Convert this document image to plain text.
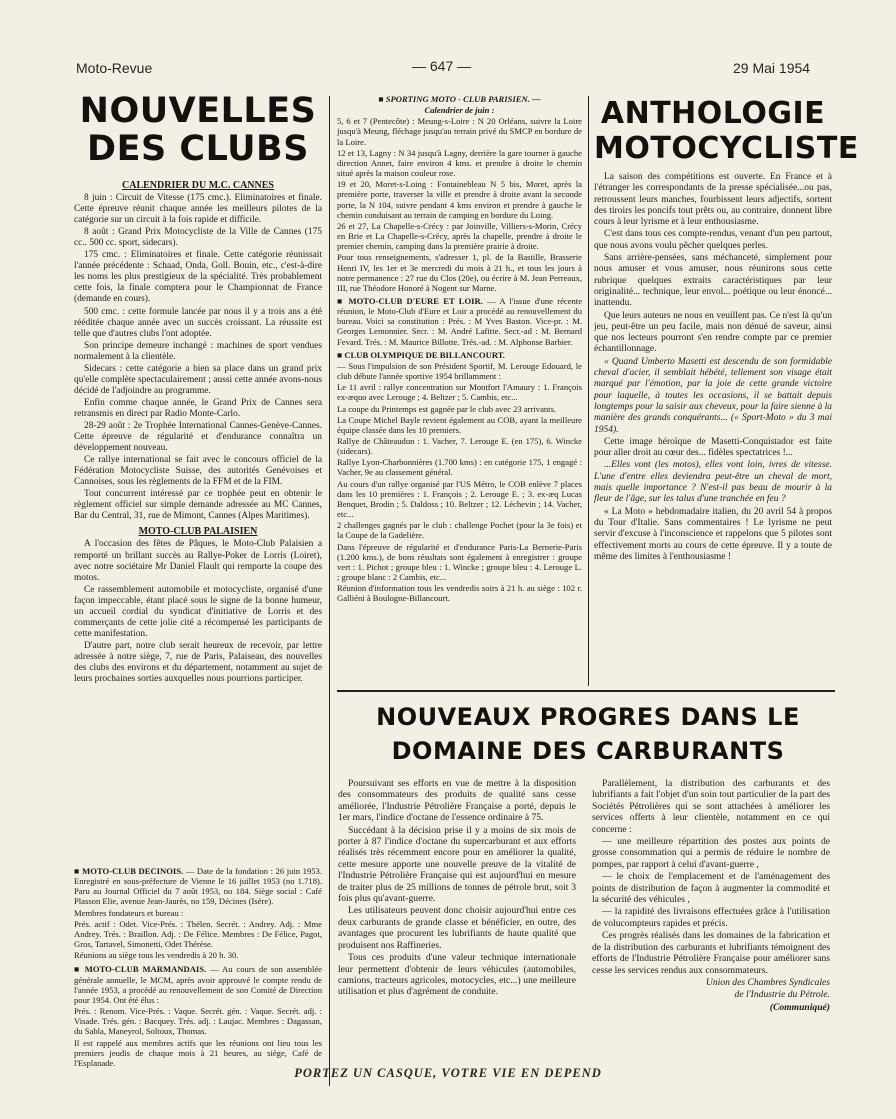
Moto-Revue	— 647 —	29 Mai 1954
NOUVELLES
DES CLUBS
CALENDRIER DU M.C. CANNES

8 juin : Circuit de Vitesse (175 cmc.). Eliminatoires et finale. Cette épreuve réunit chaque année les meilleurs pilotes de la catégorie sur un circuit à la fois rapide et difficile.

8 août : Grand Prix Motocycliste de la Ville de Cannes (175 cc.. 500 cc. sport, sidecars).

175 cmc. : Eliminatoires et finale. Cette catégorie réunissait l'année précédente : Schaad, Onda, Goll. Bouin, etc., c'est-à-dire les noms les plus prestigieux de la spécialité. Très probablement cette fois, la finale comptera pour le Championnat de France (demande en cours).

500 cmc. : cette formule lancée par nous il y a trois ans a été rééditée chaque année avec un succès croissant. La réussite est telle que d'autres clubs l'ont adoptée.

Son principe demeure inchangé : machines de sport vendues normalement à la clientèle.

Sidecars : cette catégorie a bien sa place dans un grand prix qu'elle complète spectaculairement ; aussi cette année avons-nous décidé de l'adjoindre au programme.

Enfin comme chaque année, le Grand Prix de Cannes sera retransmis en direct par Radio Monte-Carlo.

28-29 août : 2e Trophée International Cannes-Genève-Cannes. Cette épreuve de régularité et d'endurance connaîtra un développement nouveau.

Ce rallye international se fait avec le concours officiel de la Fédération Motocycliste Suisse, des autorités Genévoises et Cannoises, sous les règlements de la FFM et de la FIM.

Tout concurrent intéressé par ce trophée peut en obtenir le règlement officiel sur simple demande adressée au MC Cannes, Bar du Central, 31, rue de Mimont, Cannes (Alpes Maritimes).

MOTO-CLUB PALAISIEN

A l'occasion des fêtes de Pâques, le Moto-Club Palaisien a remporté un brillant succès au Rallye-Poker de Lorris (Loiret), avec notre sociétaire Mr Daniel Flault qui remporte la coupe des motos.

Ce rassemblement automobile et motocycliste, organisé d'une façon impeccable, étant placé sous le signe de la bonne humeur, un accueil cordial du syndicat d'initiative de Lorris et des commerçants de cette jolie cité a récompensé les participants de cette manifestation.

D'autre part, notre club serait heureux de recevoir, par lettre adressée à notre siège, 7, rue de Paris, Palaiseau, des nouvelles des clubs des environs et du département, notamment au sujet de leurs prochaines sorties auxquelles nous pourrions participer.

■ MOTO-CLUB DECINOIS. — Date de la fondation : 26 juin 1953. Enregistré en sous-préfecture de Vienne le 16 juillet 1953 (no 1.718). Paru au Journal Officiel du 7 août 1953, no 184. Siège social : Café Plasson Elie, avenue Jean-Jaurès, no 159, Décines (Isère).

Membres fondateurs et bureau :

Prés. actif : Odet. Vice-Prés. : Thélen. Secrét. : Andrey. Adj. : Mme Andrey. Trés. : Braillon. Adj. : De Félice. Membres : De Félice, Pagot, Gros, Tartavel, Simonetti, Odet Thérèse.

Réunions au siège tous les vendredis à 20 h. 30.

■ MOTO-CLUB MARMANDAIS. — Au cours de son assemblée générale annuelle, le MCM, après avoir approuvé le compte rendu de l'année 1953, a procédé au renouvellement de son Comité de Direction pour 1954. Ont été élus :

Prés. : Renom. Vice-Prés. : Vaque. Secrét. gén. : Vaque. Secrét. adj. : Visade. Trés. gén. : Bacquey. Trés. adj. : Laujac. Membres : Dagassan, du Sabla, Maneyrol, Soltoux, Thomas.

Il est rappelé aux membres actifs que les réunions ont lieu tous les premiers jeudis de chaque mois à 21 heures, au siège, Café de l'Esplanade.

■ SPORTING MOTO - CLUB PARISIEN. —

Calendrier de juin :

5, 6 et 7 (Pentecôte) : Meung-s-Loire : N 20 Orléans, suivre la Loire jusqu'à Meung, fléchage jusqu'au terrain privé du SMCP en bordure de la Loire.

12 et 13, Lagny : N 34 jusqu'à Lagny, derrière la gare tourner à gauche direction Annet, faire environ 4 kms. et prendre à droite le chemin situé après la maison couleur rose.

19 et 20, Moret-s-Loing : Fontainebleau N 5 bis, Moret, après la première porte, traverser la ville et prendre à droite avant la seconde porte, la N 104, suivre pendant 4 kms environ et prendre à gauche le chemin conduisant au terrain de camping en bordure du Loing.

26 et 27, La Chapelle-s-Crécy : par Joinville, Villiers-s-Morin, Crécy en Brie et La Chapelle-s-Crécy, après la chapelle, prendre à droite le premier chemin, camping dans la première prairie à droite.

Pour tous renseignements, s'adresser 1, pl. de la Bastille, Brasserie Henri IV, les 1er et 3e mercredi du mois à 21 h., et tous les jours à notre permanence : 27 rue du Clos (20e), ou écrire à M. Jean Perreaux, III, rue Théodore Honoré à Nogent sur Marne.

■ MOTO-CLUB D'EURE ET LOIR. — A l'issue d'une récente réunion, le Moto-Club d'Eure et Loir a procédé au renouvellement du bureau. Voici sa constitution : Prés. : M Yves Baston. Vice-pr. : M. Georges Lemonnier. Secr. : M. André Lafitte. Secr.-ad : M. Bernard Fevard. Trés. : M. Maurice Billotte. Trés.-ad. : M. Alphonse Barbier.

■ CLUB OLYMPIQUE DE BILLANCOURT.

— Sous l'impulsion de son Président Sportif, M. Lerouge Edouard, le club débute l'année sportive 1954 brillamment :

Le 11 avril : rallye concentration sur Montfort l'Amaury : 1. François ex-æquo avec Lerouge ; 4. Beltzer ; 5. Cambis, etc...

La coupe du Printemps est gagnée par le club avec 23 arrivants.

La Coupe Michel Bayle revient également au COB, ayant la meilleure équipe classée dans les 10 premiers.

Rallye de Châteaudun : 1. Vacher, 7. Lerouge E. (en 175), 6. Wincke (sidecars).

Rallye Lyon-Charbonnières (1.700 kms) : en catégorie 175, 1 engagé : Vacher, 9e au classement général.

Au cours d'un rallye organisé par l'US Métro, le COB enlève 7 places dans les 10 premières : 1. François ; 2. Lerouge E. ; 3. ex-æq Lucas Benquet, Brodin ; 5. Daldoss ; 10. Beltzer ; 12. Léchevin ; 14. Vacher, etc...

2 challenges gagnés par le club : challenge Pochet (pour la 3e fois) et la Coupe de la Gadelière.

Dans l'épreuve de régularité et d'endurance Paris-La Bernerie-Paris (1.200 kms.), de bons résultats sont également à enregistrer : groupe vert : 1. Pichot ; groupe bleu : 1. Wincke ; groupe bleu : 4. Lerouge L. ; groupe blanc : 2 Cambis, etc...

Réunion d'information tous les vendredis soirs à 21 h. au siège : 102 r. Galliéni à Boulogne-Billancourt.

ANTHOLOGIE
MOTOCYCLISTE

La saison des compétitions est ouverte. En France et à l'étranger les correspondants de la presse spécialisée...ou pas, retroussent leurs manches, fourbissent leurs adjectifs, sortent des tiroirs les poncifs tout prêts ou, au contraire, donnent libre cours à leur lyrisme et à leur enthousiasme.

C'est dans tous ces compte-rendus, venant d'un peu partout, que nous avons voulu pêcher quelques perles.

Sans arrière-pensées, sans méchanceté, simplement pour nous amuser et vous amuser, nous réunirons sous cette rubrique quelques extraits caractéristiques par leur originalité... technique, leur envol... poétique ou leur énoncé... inattendu.

Que leurs auteurs ne nous en veuillent pas. Ce n'est là qu'un jeu, peut-être un peu facile, mais non dénué de saveur, ainsi que nos lecteurs pourront s'en rendre compte par ce premier échantillonnage.

« Quand Umberto Masetti est descendu de son formidable cheval d'acier, il semblait hébété, tellement son visage était marqué par l'émotion, par la joie de cette grande victoire pour laquelle, à toutes les occasions, il se battait depuis longtemps pour la saisir aux cheveux, pour la faire sienne à la manière des grands conquérants... (« Sport-Moto » du 3 mai 1954).

Cette image héroïque de Masetti-Conquistador est faite pour aller droit au cœur des... fidèles spectatrices !...

...Elles vont (les motos), elles vont loin, ivres de vitesse. L'une d'entre elles deviendra peut-être un cheval de mort, mais quelle importance ? N'est-il pas beau de mourir à la fleur de l'âge, sur les talus d'une tranchée en feu ?

« La Moto » hebdomadaire italien, du 20 avril 54 à propos du Tour d'Italie. Sans commentaires ! Le lyrisme ne peut servir d'excuse à l'inconscience et rappelons que 5 pilotes sont effectivement morts au cours de cette épreuve. Il y a toute de même des limites à l'enthousiasme !

NOUVEAUX PROGRES DANS LE
DOMAINE DES CARBURANTS

Poursuivant ses efforts en vue de mettre à la disposition des consommateurs des produits de qualité sans cesse améliorée, l'Industrie Pétrolière Française a porté, depuis le 1er mars, l'indice d'octane de l'essence ordinaire à 75.

Succédant à la décision prise il y a moins de six mois de porter à 87 l'indice d'octane du supercarburant et aux efforts réalisés très récemment encore pour en améliorer la qualité, cette mesure apporte une nouvelle preuve de la vitalité de l'Industrie Pétrolière Française qui est aujourd'hui en mesure de traiter plus de 25 millions de tonnes de pétrole brut, soit 3 fois plus qu'avant-guerre.

Les utilisateurs peuvent donc choisir aujourd'hui entre ces deux carburants de grande classe et bénéficier, en outre, des avantages que procurent les lubrifiants de haute qualité que produisent nos Raffineries.

Tous ces produits d'une valeur technique internationale leur permettent d'obtenir de leurs véhicules (automobiles, camions, tracteurs agricoles, motocycles, etc...) une meilleure utilisation et plus d'agrément de conduite.

Parallèlement, la distribution des carburants et des lubrifiants a fait l'objet d'un soin tout particulier de la part des Sociétés Pétrolières qui se sont attachées à améliorer les services offerts à leur clientèle, notamment en ce qui concerne :

— une meilleure répartition des postes aux points de grosse consommation qui a permis de réduire le nombre de pompes, par rapport à celui d'avant-guerre ,

— le choix de l'emplacement et de l'aménagement des points de distribution de façon à augmenter la commodité et la sécurité des véhicules ,

— la rapidité des livraisons effectuées grâce à l'utilisation de volucompteurs rapides et précis.

Ces progrès réalisés dans les domaines de la fabrication et de la distribution des carburants et lubrifiants témoignent des efforts de l'Industrie Pétrolière Française pour améliorer sans cesse les services rendus aux consommateurs.

Union des Chambres Syndicales

de l'Industrie du Pétrole.

(Communiqué)

PORTEZ UN CASQUE, VOTRE VIE EN DEPEND
